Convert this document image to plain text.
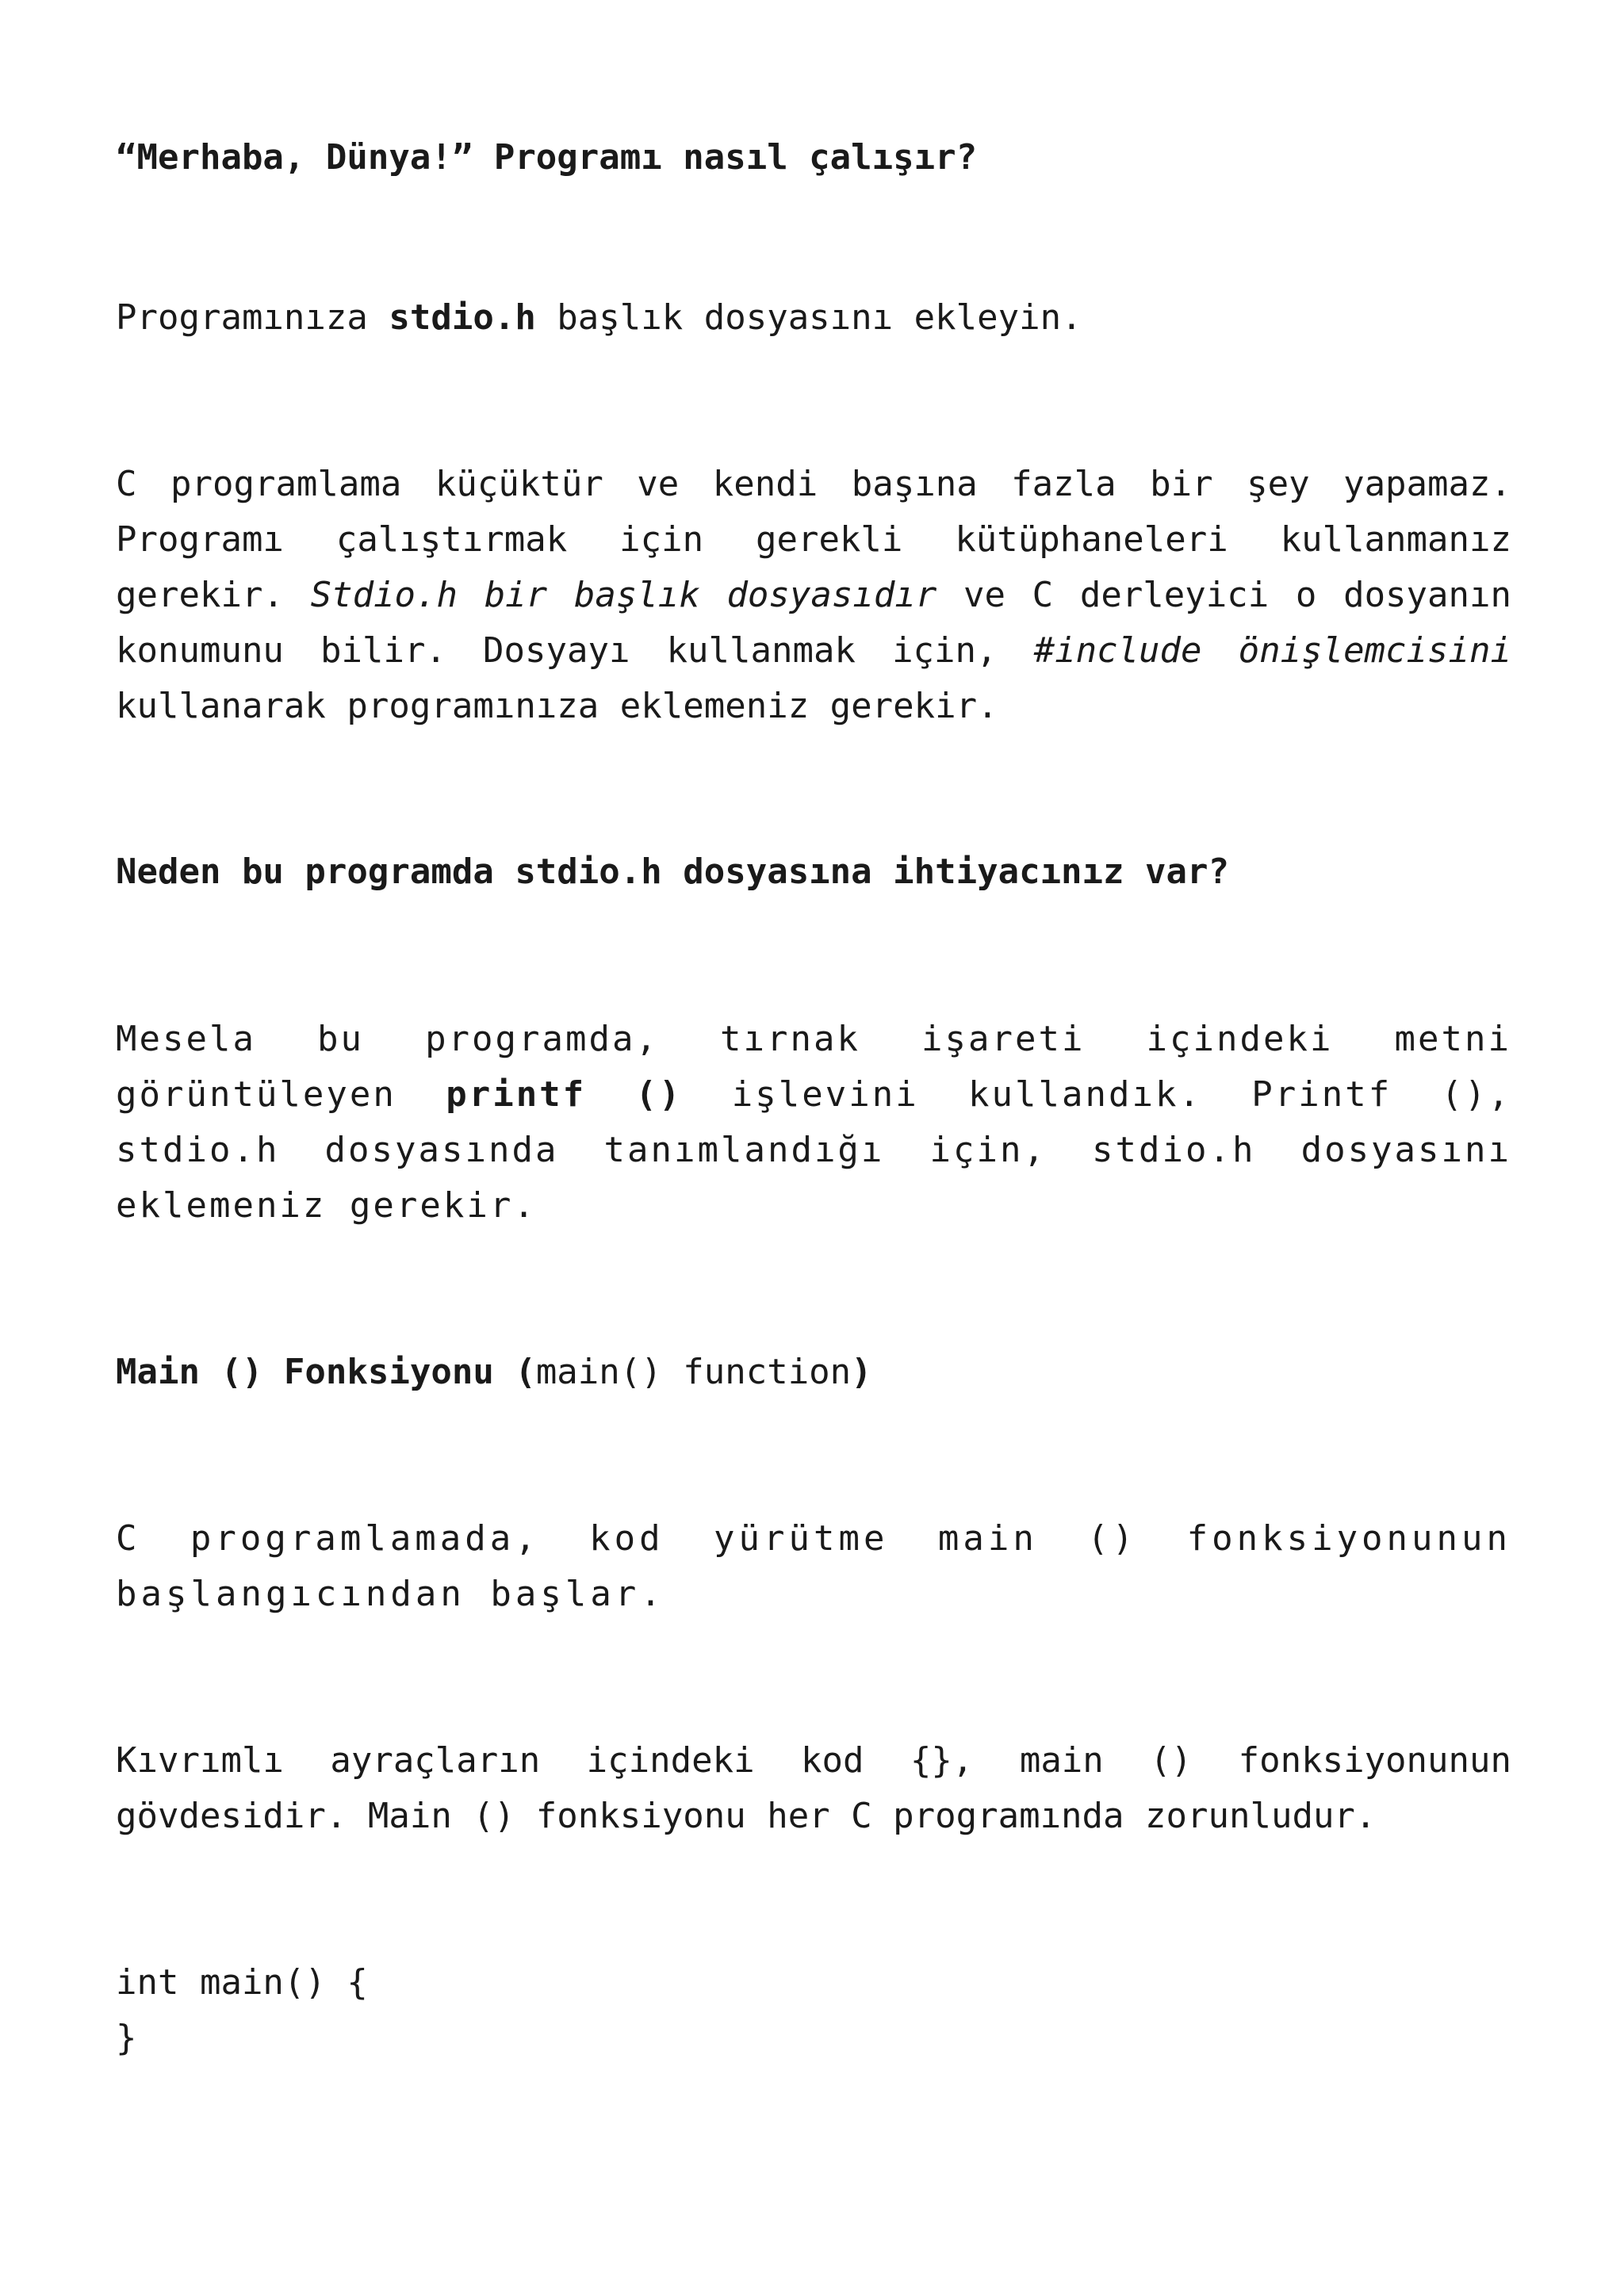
“Merhaba, Dünya!” Programı nasıl çalışır?

Programınıza stdio.h başlık dosyasını ekleyin.

C programlama küçüktür ve kendi başına fazla bir şey yapamaz. Programı çalıştırmak için gerekli kütüphaneleri kullanmanız gerekir. Stdio.h bir başlık dosyasıdır ve C derleyici o dosyanın konumunu bilir. Dosyayı kullanmak için, #include önişlemcisini kullanarak programınıza eklemeniz gerekir.

Neden bu programda stdio.h dosyasına ihtiyacınız var?

Mesela bu programda, tırnak işareti içindeki metni görüntüleyen printf () işlevini kullandık. Printf (), stdio.h dosyasında tanımlandığı için, stdio.h dosyasını eklemeniz gerekir.

Main () Fonksiyonu (main() function)

C programlamada, kod yürütme main () fonksiyonunun başlangıcından başlar.

Kıvrımlı ayraçların içindeki kod {}, main () fonksiyonunun gövdesidir. Main () fonksiyonu her C programında zorunludur.

int main() {
}
